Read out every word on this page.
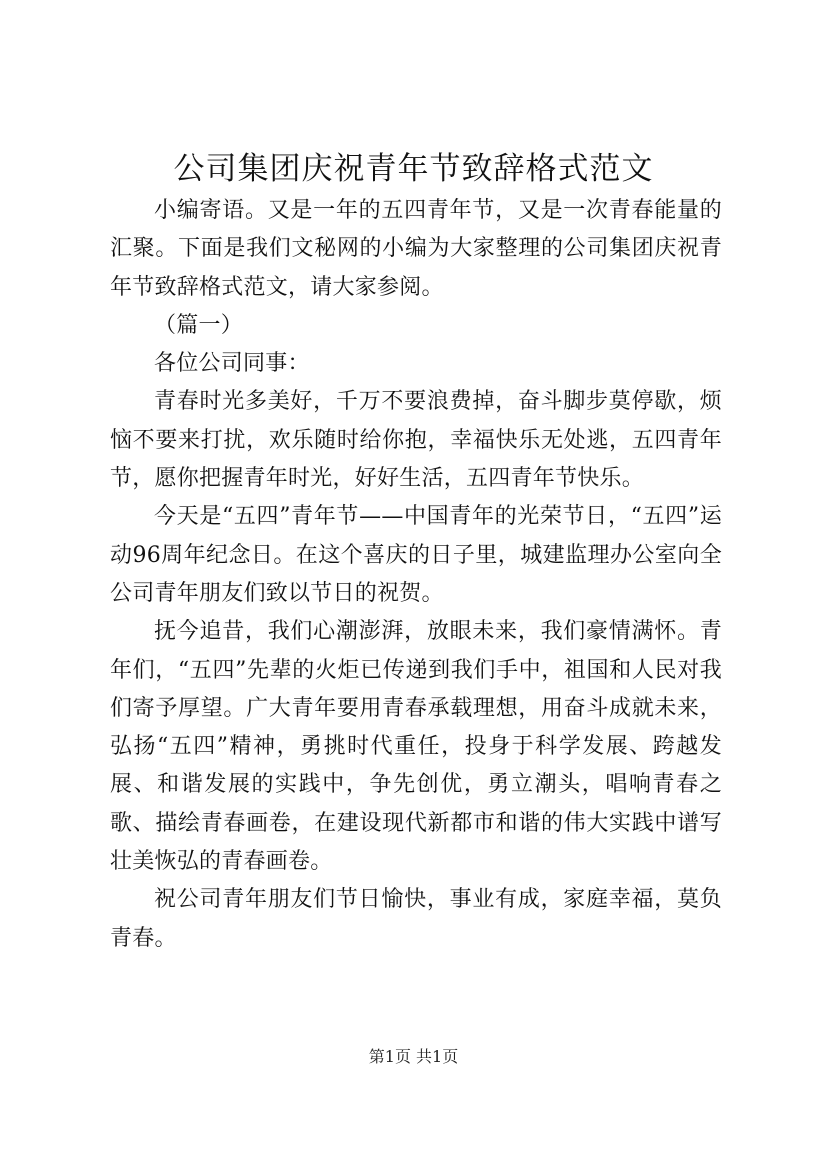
公司集团庆祝青年节致辞格式范文

小编寄语。又是一年的五四青年节，又是一次青春能量的汇聚。下面是我们文秘网的小编为大家整理的公司集团庆祝青年节致辞格式范文，请大家参阅。

（篇一）

各位公司同事：

青春时光多美好，千万不要浪费掉，奋斗脚步莫停歇，烦恼不要来打扰，欢乐随时给你抱，幸福快乐无处逃，五四青年节，愿你把握青年时光，好好生活，五四青年节快乐。

今天是“五四”青年节——中国青年的光荣节日，“五四”运动96周年纪念日。在这个喜庆的日子里，城建监理办公室向全公司青年朋友们致以节日的祝贺。

抚今追昔，我们心潮澎湃，放眼未来，我们豪情满怀。青年们，“五四”先辈的火炬已传递到我们手中，祖国和人民对我们寄予厚望。广大青年要用青春承载理想，用奋斗成就未来，弘扬“五四”精神，勇挑时代重任，投身于科学发展、跨越发展、和谐发展的实践中，争先创优，勇立潮头，唱响青春之歌、描绘青春画卷，在建设现代新都市和谐的伟大实践中谱写壮美恢弘的青春画卷。

祝公司青年朋友们节日愉快，事业有成，家庭幸福，莫负青春。

第1页 共1页
